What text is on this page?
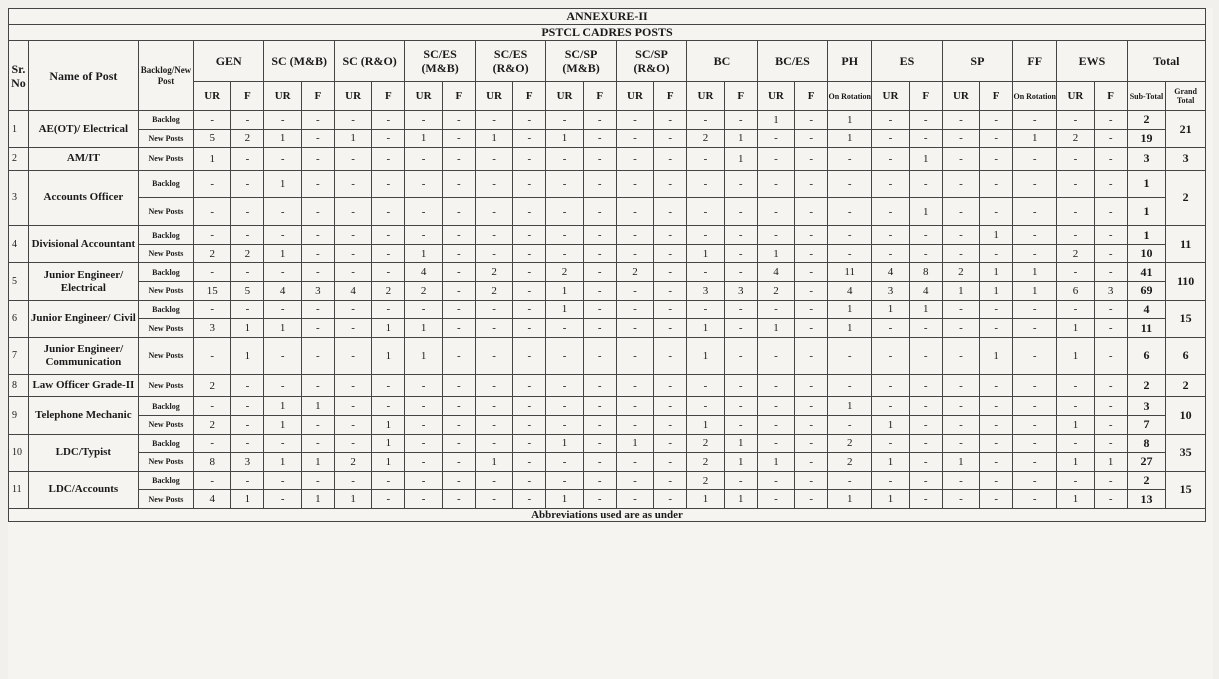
ANNEXURE-II																														
PSTCL CADRES POSTS																														
Sr. No	Name of Post	Backlog/New Post	GEN		SC (M&B)		SC (R&O)		SC/ES (M&B)		SC/ES (R&O)		SC/SP (M&B)		SC/SP (R&O)		BC		BC/ES		PH	ES		SP		FF	EWS		Total	
			UR	F	UR	F	UR	F	UR	F	UR	F	UR	F	UR	F	UR	F	UR	F	On Rotation	UR	F	UR	F	On Rotation	UR	F	Sub-Total	Grand Total
1	AE(OT)/ Electrical	Backlog	-	-	-	-	-	-	-	-	-	-	-	-	-	-	-	-	1	-	1	-	-	-	-	-	-	-	2	21
		New Posts	5	2	1	-	1	-	1	-	1	-	1	-	-	-	2	1	-	-	1	-	-	-	-	1	2	-	19	
2	AM/IT	New Posts	1	-	-	-	-	-	-	-	-	-	-	-	-	-	-	1	-	-	-	-	1	-	-	-	-	-	3	3
3	Accounts Officer	Backlog	-	-	1	-	-	-	-	-	-	-	-	-	-	-	-	-	-	-	-	-	-	-	-	-	-	-	1	2
		New Posts	-	-	-	-	-	-	-	-	-	-	-	-	-	-	-	-	-	-	-	-	1	-	-	-	-	-	1	
4	Divisional Accountant	Backlog	-	-	-	-	-	-	-	-	-	-	-	-	-	-	-	-	-	-	-	-	-	-	1	-	-	-	1	11
		New Posts	2	2	1	-	-	-	1	-	-	-	-	-	-	-	1	-	1	-	-	-	-	-	-	-	2	-	10	
5	Junior Engineer/ Electrical	Backlog	-	-	-	-	-	-	4	-	2	-	2	-	2	-	-	-	4	-	11	4	8	2	1	1	-	-	41	110
		New Posts	15	5	4	3	4	2	2	-	2	-	1	-	-	-	3	3	2	-	4	3	4	1	1	1	6	3	69	
6	Junior Engineer/ Civil	Backlog	-	-	-	-	-	-	-	-	-	-	1	-	-	-	-	-	-	-	1	1	1	-	-	-	-	-	4	15
		New Posts	3	1	1	-	-	1	1	-	-	-	-	-	-	-	1	-	1	-	1	-	-	-	-	-	1	-	11	
7	Junior Engineer/ Communication	New Posts	-	1	-	-	-	1	1	-	-	-	-	-	-	-	1	-	-	-	-	-	-	-	1	-	1	-	6	6
8	Law Officer Grade-II	New Posts	2	-	-	-	-	-	-	-	-	-	-	-	-	-	-	-	-	-	-	-	-	-	-	-	-	-	2	2
9	Telephone Mechanic	Backlog	-	-	1	1	-	-	-	-	-	-	-	-	-	-	-	-	-	-	1	-	-	-	-	-	-	-	3	10
		New Posts	2	-	1	-	-	1	-	-	-	-	-	-	-	-	1	-	-	-	-	1	-	-	-	-	1	-	7	
10	LDC/Typist	Backlog	-	-	-	-	-	1	-	-	-	-	1	-	1	-	2	1	-	-	2	-	-	-	-	-	-	-	8	35
		New Posts	8	3	1	1	2	1	-	-	1	-	-	-	-	-	2	1	1	-	2	1	-	1	-	-	1	1	27	
11	LDC/Accounts	Backlog	-	-	-	-	-	-	-	-	-	-	-	-	-	-	2	-	-	-	-	-	-	-	-	-	-	-	2	15
		New Posts	4	1	-	1	1	-	-	-	-	-	1	-	-	-	1	1	-	-	1	1	-	-	-	-	1	-	13	
Abbreviations used are as under																														
